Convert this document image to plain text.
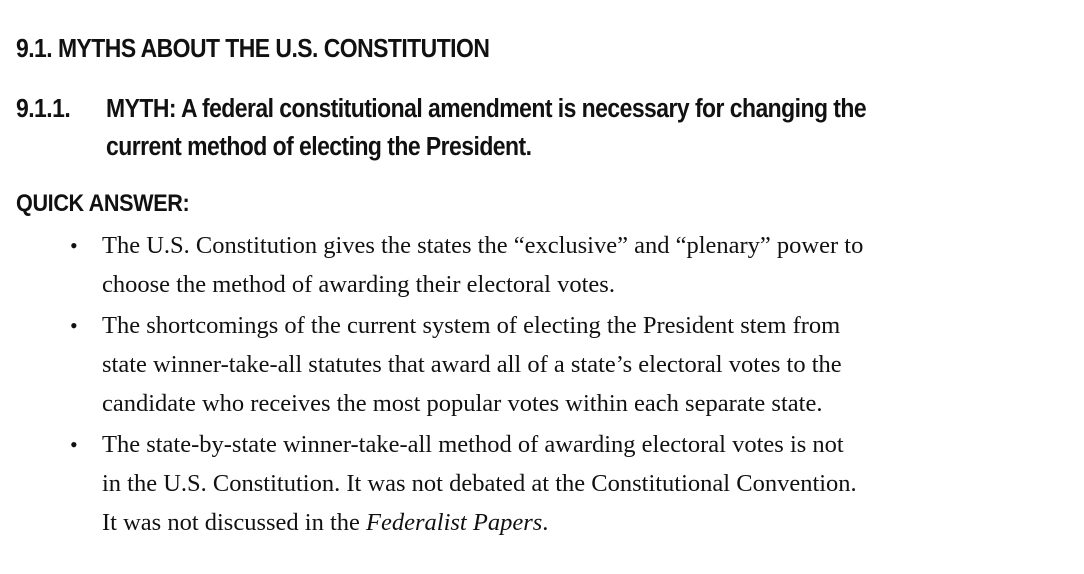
9.1. MYTHS ABOUT THE U.S. CONSTITUTION
9.1.1.	MYTH: A federal constitutional amendment is necessary for changing the
current method of electing the President.
QUICK ANSWER:
• The U.S. Constitution gives the states the “exclusive” and “plenary” power to
choose the method of awarding their electoral votes.
• The shortcomings of the current system of electing the President stem from
state winner-take-all statutes that award all of a state’s electoral votes to the
candidate who receives the most popular votes within each separate state.
• The state-by-state winner-take-all method of awarding electoral votes is not
in the U.S. Constitution. It was not debated at the Constitutional Convention.
It was not discussed in the Federalist Papers.
